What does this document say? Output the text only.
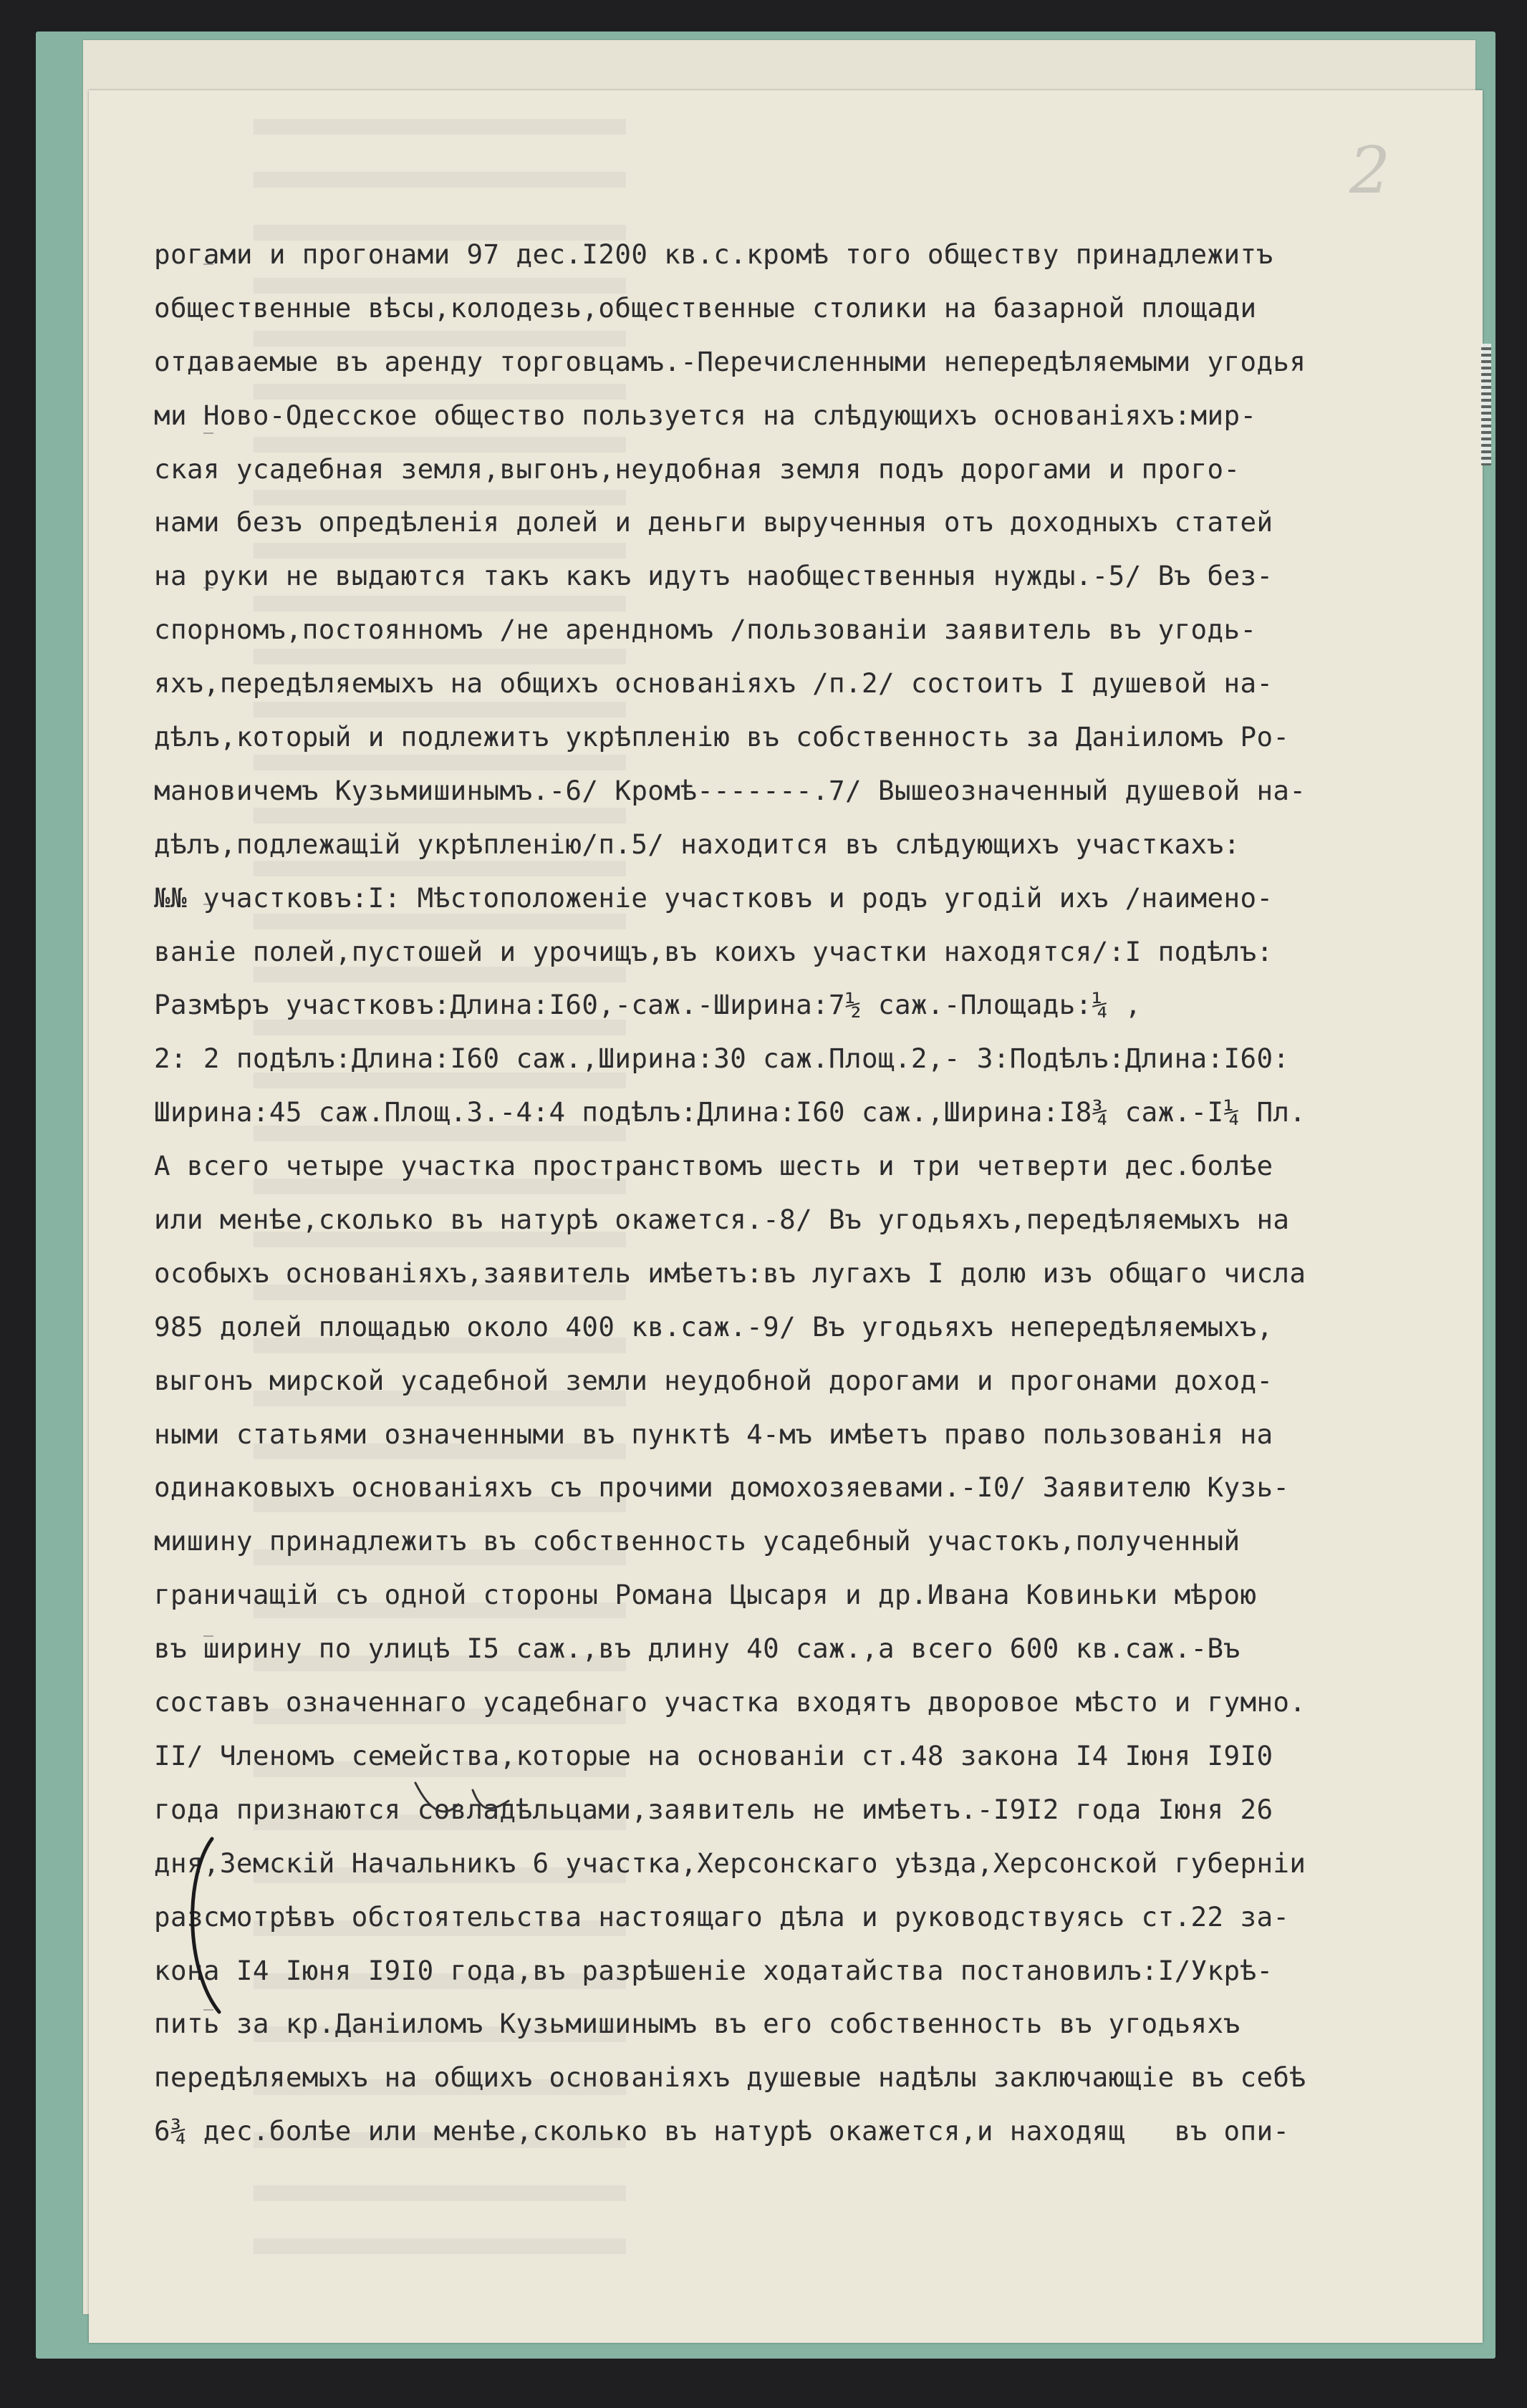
2
рогами и прогонами 97 дес.I200 кв.с.кромѣ того обществу принадлежитъ
общественные вѣсы,колодезь,общественные столики на базарной площади
отдаваемые въ аренду торговцамъ.-Перечисленными непередѣляемыми угодья
ми Ново-Одесское общество пользуется на слѣдующихъ основаніяхъ:мир-
ская усадебная земля,выгонъ,неудобная земля подъ дорогами и прого-
нами безъ опредѣленія долей и деньги вырученныя отъ доходныхъ статей
на руки не выдаются такъ какъ идутъ наобщественныя нужды.-5/ Въ без-
спорномъ,постоянномъ /не арендномъ /пользованіи заявитель въ угодь-
яхъ,передѣляемыхъ на общихъ основаніяхъ /п.2/ состоитъ I душевой на-
дѣлъ,который и подлежитъ укрѣпленію въ собственность за Даніиломъ Ро-
мановичемъ Кузьмишинымъ.-6/ Кромѣ-------.7/ Вышеозначенный душевой на-
дѣлъ,подлежащій укрѣпленію/п.5/ находится въ слѣдующихъ участкахъ:
№№ участковъ:I: Мѣстоположеніе участковъ и родъ угодій ихъ /наимено-
ваніе полей,пустошей и урочищъ,въ коихъ участки находятся/:I подѣлъ:
Размѣръ участковъ:Длина:I60,-саж.-Ширина:7½ саж.-Площадь:¼ ,
2: 2 подѣлъ:Длина:I60 саж.,Ширина:30 саж.Площ.2,- 3:Подѣлъ:Длина:I60:
Ширина:45 саж.Площ.3.-4:4 подѣлъ:Длина:I60 саж.,Ширина:I8¾ саж.-I¼ Пл.
А всего четыре участка пространствомъ шесть и три четверти дес.болѣе
или менѣе,сколько въ натурѣ окажется.-8/ Въ угодьяхъ,передѣляемыхъ на
особыхъ основаніяхъ,заявитель имѣетъ:въ лугахъ I долю изъ общаго числа
985 долей площадью около 400 кв.саж.-9/ Въ угодьяхъ непередѣляемыхъ,
выгонъ мирской усадебной земли неудобной дорогами и прогонами доход-
ными статьями означенными въ пунктѣ 4-мъ имѣетъ право пользованія на
одинаковыхъ основаніяхъ съ прочими домохозяевами.-I0/ Заявителю Кузь-
мишину принадлежитъ въ собственность усадебный участокъ,полученный
граничащій съ одной стороны Романа Цысаря и др.Ивана Ковиньки мѣрою
въ ширину по улицѣ I5 саж.,въ длину 40 саж.,а всего 600 кв.саж.-Въ
составъ означеннаго усадебнаго участка входятъ дворовое мѣсто и гумно.
II/ Членомъ семейства,которые на основаніи ст.48 закона I4 Іюня I9I0
года признаются совладѣльцами,заявитель не имѣетъ.-I9I2 года Іюня 26
дня,Земскій Начальникъ 6 участка,Херсонскаго уѣзда,Херсонской губерніи
разсмотрѣвъ обстоятельства настоящаго дѣла и руководствуясь ст.22 за-
кона I4 Іюня I9I0 года,въ разрѣшеніе ходатайства постановилъ:I/Укрѣ-
пить за кр.Даніиломъ Кузьмишинымъ въ его собственность въ угодьяхъ
передѣляемыхъ на общихъ основаніяхъ душевые надѣлы заключающіе въ себѣ
6¾ дес.болѣе или менѣе,сколько въ натурѣ окажется,и находящ   въ опи-
